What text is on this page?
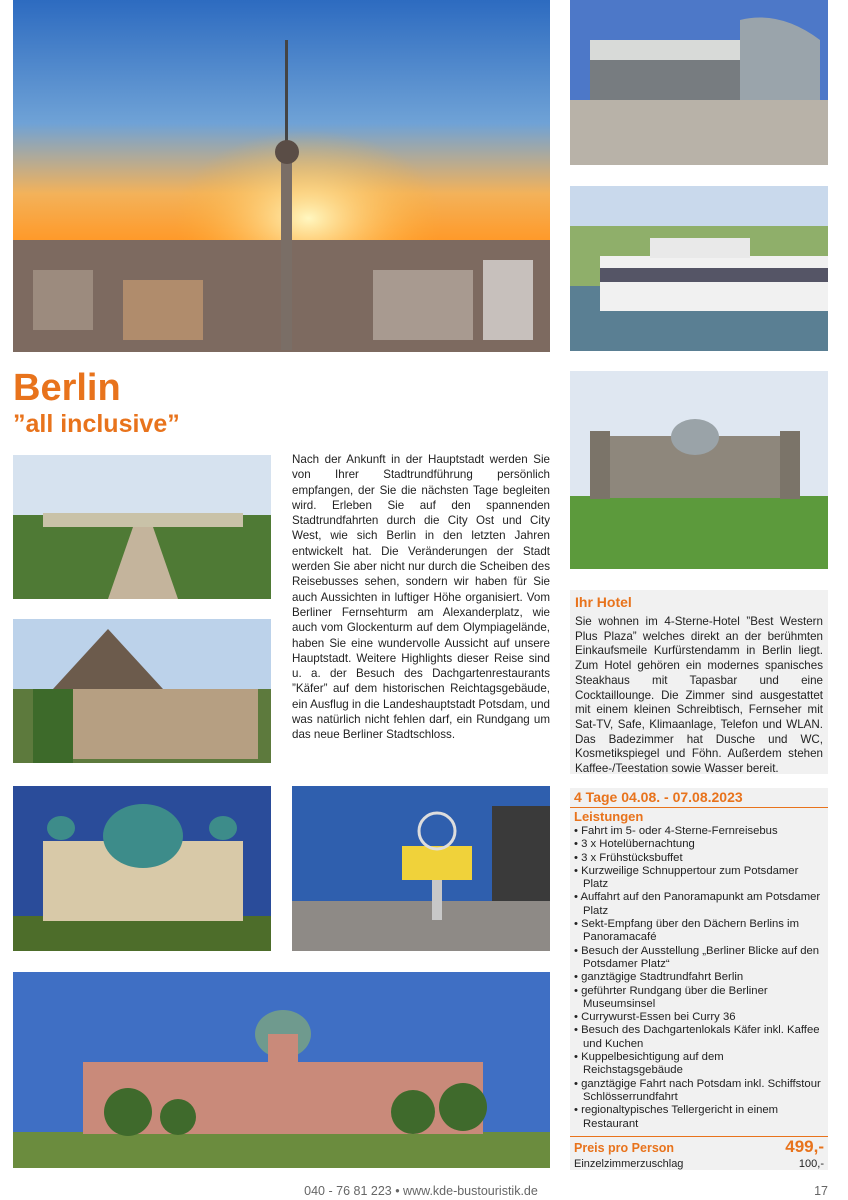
Berlin
”all inclusive”
Nach der Ankunft in der Hauptstadt werden Sie von Ihrer Stadtrundführung persönlich empfangen, der Sie die nächsten Tage begleiten wird. Erleben Sie auf den spannenden Stadtrundfahrten durch die City Ost und City West, wie sich Berlin in den letzten Jahren entwickelt hat. Die Veränderungen der Stadt werden Sie aber nicht nur durch die Scheiben des Reisebusses sehen, sondern wir haben für Sie auch Aussichten in luftiger Höhe organisiert. Vom Berliner Fernsehturm am Alexanderplatz, wie auch vom Glockenturm auf dem Olympiagelände, haben Sie eine wundervolle Aussicht auf unsere Hauptstadt. Weitere Highlights dieser Reise sind u. a. der Besuch des Dachgartenrestaurants ”Käfer” auf dem historischen Reichtagsgebäude, ein Ausflug in die Landeshauptstadt Potsdam, und was natürlich nicht fehlen darf, ein Rundgang um das neue Berliner Stadtschloss.
Ihr Hotel
Sie wohnen im 4-Sterne-Hotel ”Best Western Plus Plaza” welches direkt an der berühmten Einkaufsmeile Kurfürstendamm in Berlin liegt. Zum Hotel gehören ein modernes spanisches Steakhaus mit Tapasbar und eine Cocktaillounge. Die Zimmer sind ausgestattet mit einem kleinen Schreibtisch, Fernseher mit Sat-TV, Safe, Klimaanlage, Telefon und WLAN. Das Badezimmer hat Dusche und WC, Kosmetikspiegel und Föhn. Außerdem stehen Kaffee-/Teestation sowie Wasser bereit.
4 Tage 04.08. - 07.08.2023
Leistungen
• Fahrt im 5- oder 4-Sterne-Fernreisebus
• 3 x Hotelübernachtung
• 3 x Frühstücksbuffet
• Kurzweilige Schnuppertour zum Potsdamer Platz
• Auffahrt auf den Panoramapunkt am Potsdamer Platz
• Sekt-Empfang über den Dächern Berlins im Panoramacafé
• Besuch der Ausstellung „Berliner Blicke auf den Potsdamer Platz“
• ganztägige Stadtrundfahrt Berlin
• geführter Rundgang über die Berliner Museumsinsel
• Currywurst-Essen bei Curry 36
• Besuch des Dachgartenlokals Käfer inkl. Kaffee und Kuchen
• Kuppelbesichtigung auf dem Reichstagsgebäude
• ganztägige Fahrt nach Potsdam inkl. Schiffstour Schlösserrundfahrt
• regionaltypisches Tellergericht in einem Restaurant
Preis pro Person	499,-
Einzelzimmerzuschlag	100,-
040 - 76 81 223 • www.kde-bustouristik.de	17
